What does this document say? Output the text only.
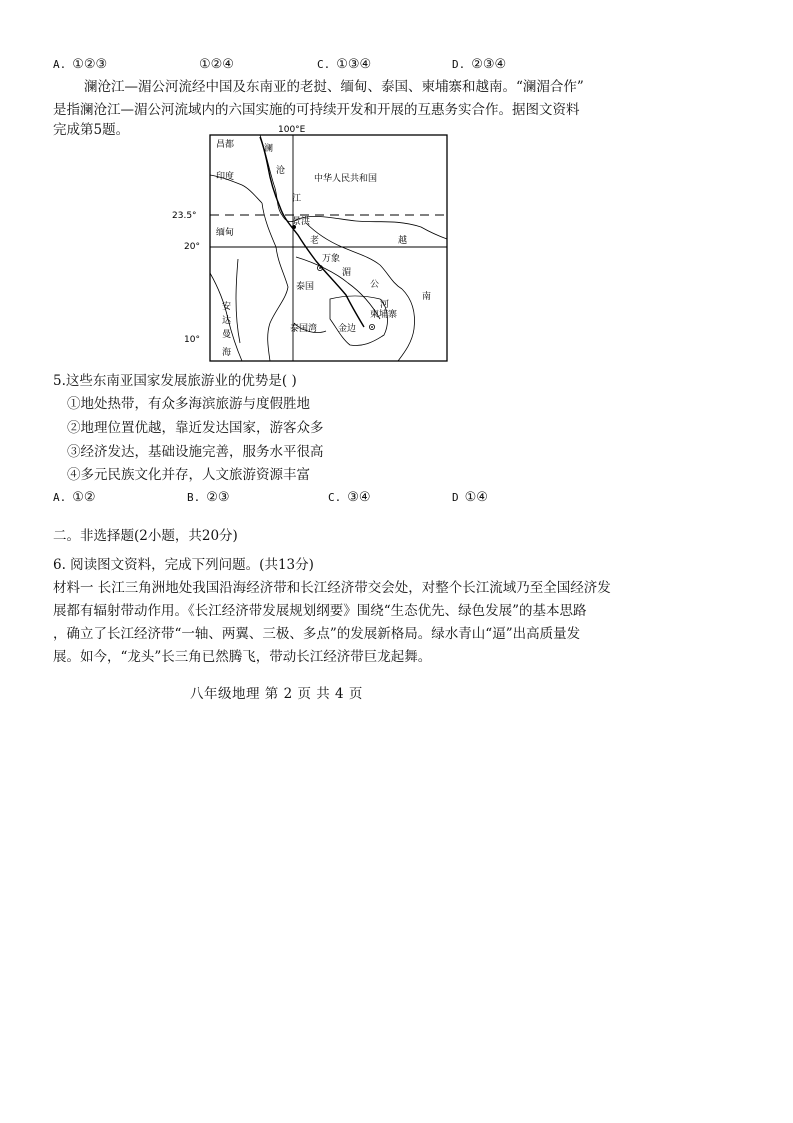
A. ①②③	①②④	C. ①③④	D. ②③④
澜沧江—湄公河流经中国及东南亚的老挝、缅甸、泰国、柬埔寨和越南。“澜湄合作”
是指澜沧江—湄公河流域内的六国实施的可持续开发和开展的互惠务实合作。据图文资料
完成第5题。	100°E
23.5°
20°
10°
昌都
印度
澜
沧
江
中华人民共和国
景洪
缅甸
老	越
万象
湄
公
河
泰国
南
柬埔寨
金边
泰国湾
安
达
曼
海
5.这些东南亚国家发展旅游业的优势是( )
①地处热带，有众多海滨旅游与度假胜地
②地理位置优越，靠近发达国家，游客众多
③经济发达，基础设施完善，服务水平很高
④多元民族文化并存，人文旅游资源丰富
A. ①②	B. ②③	C. ③④	D ①④
二。非选择题(2小题，共20分)
6. 阅读图文资料，完成下列问题。(共13分)
材料一 长江三角洲地处我国沿海经济带和长江经济带交会处，对整个长江流域乃至全国经济发
展都有辐射带动作用。《长江经济带发展规划纲要》围绕“生态优先、绿色发展”的基本思路
，确立了长江经济带“一轴、两翼、三极、多点”的发展新格局。绿水青山“逼”出高质量发
展。如今，“龙头”长三角已然腾飞，带动长江经济带巨龙起舞。
八年级地理 第 2 页 共 4 页
